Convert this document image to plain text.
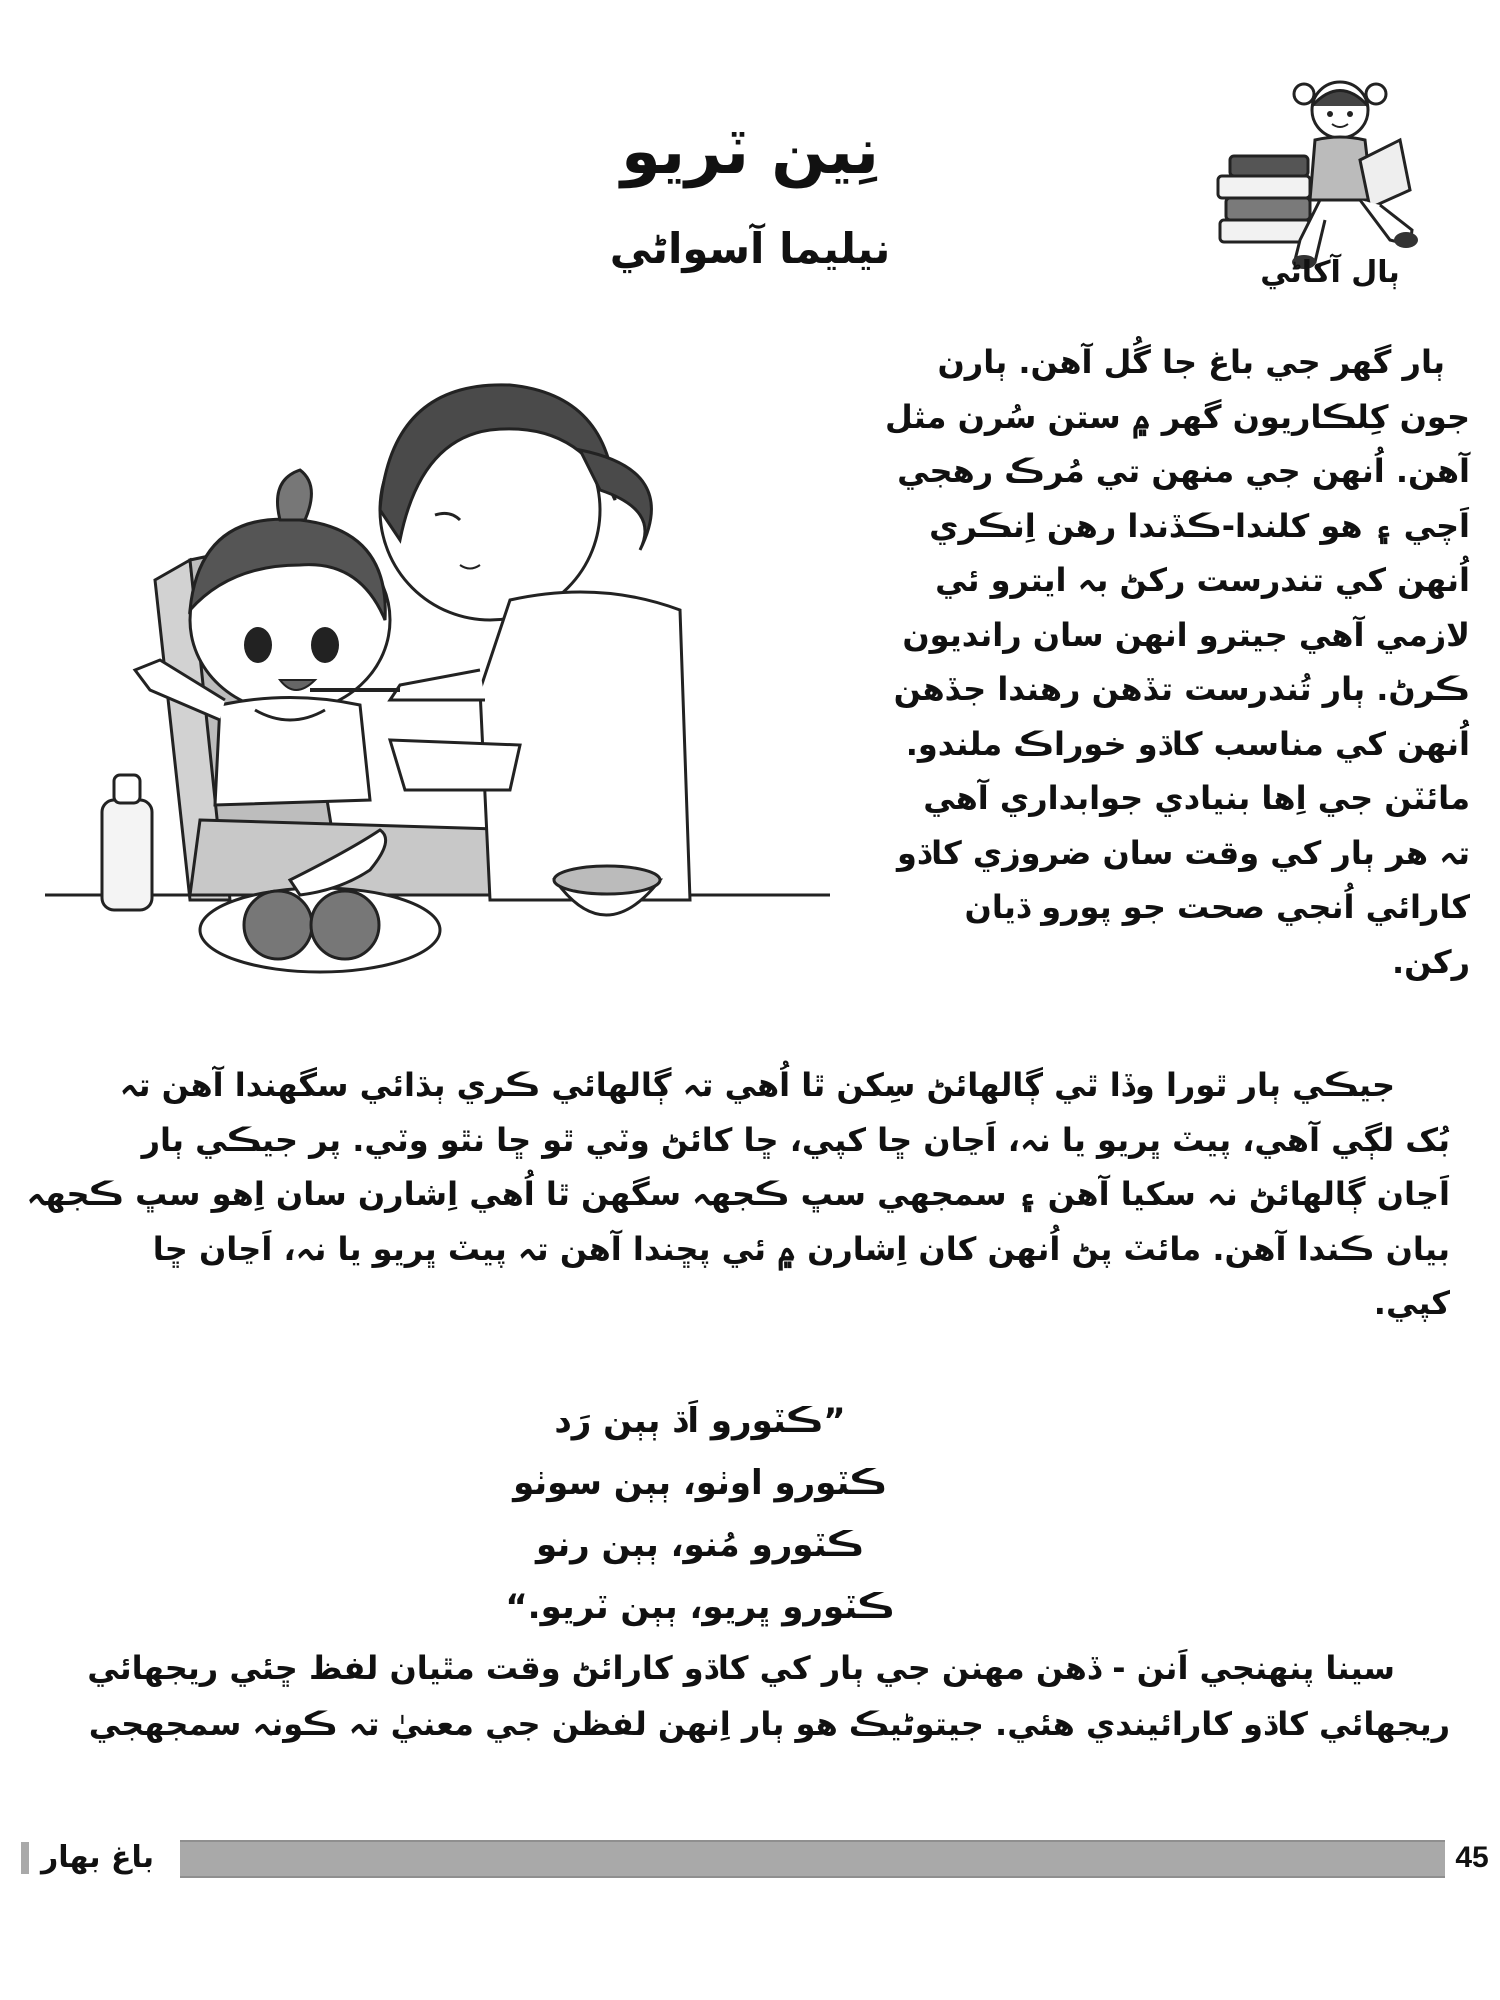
نِين ٽريو
نيليما آسواڻي	ٻال آکاڻي
ٻار گهر جي باغ جا گُل آهن. ٻارن
جون کِلڪاريون گهر ۾ ستن سُرن مثل
آهن. اُنهن جي منهن تي مُرڪ رهجي
اَچي ۽ هو کلندا-ڪڏندا رهن اِنڪري
اُنهن کي تندرست رکڻ بہ ايترو ئي
لازمي آهي جيترو انهن سان رانديون
ڪرڻ. ٻار تُندرست تڏهن رهندا جڏهن
اُنهن کي مناسب کاڌو خوراڪ ملندو.
مائٽن جي اِها بنيادي جوابداري آهي
تہ هر ٻار کي وقت سان ضروزي کاڌو
کارائي اُنجي صحت جو پورو ڌيان
رکن.
جيڪي ٻار ٿورا وڏا ٿي ڳالهائڻ سِکن ٿا اُهي تہ ڳالهائي ڪري ٻڌائي سگهندا آهن تہ
بُک لڳي آهي، پيٽ ڀريو يا نہ، اَڃان ڇا کپي، ڇا کائڻ وٽي ٿو ڇا نٿو وٽي. پر جيڪي ٻار
اَڃان ڳالهائڻ نہ سکيا آهن ۽ سمجهي سڀ ڪجهہ سگهن ٿا اُهي اِشارن سان اِهو سڀ ڪجهہ
بيان ڪندا آهن. مائٽ پڻ اُنهن کان اِشارن ۾ ئي پڇندا آهن تہ پيٽ ڀريو يا نہ، اَڃان ڇا
کپي.
”ڪٽورو اَڌ ٻٻن رَد
ڪٽورو اوٺو، ٻٻن سوٺو
ڪٽورو مُنو، ٻٻن رنو
ڪٽورو ڀريو، ٻٻن ٽريو.“
سينا پنهنجي اَنن - ڏهن مهنن جي ٻار کي کاڌو کارائڻ وقت مٿيان لفظ ڇئي ريجهائي
ريجهائي کاڌو کارائيندي هئي. جيتوڻيڪ هو ٻار اِنهن لفظن جي معنيٰ تہ ڪونہ سمجهجي
باغ بهار	45
